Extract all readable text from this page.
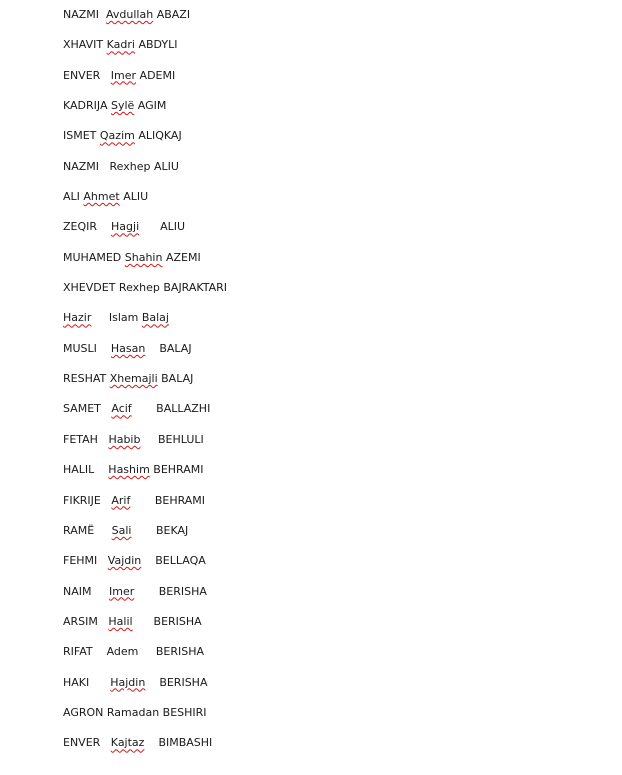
NAZMI  Avdullah ABAZI
XHAVIT Kadri ABDYLI
ENVER   Imer ADEMI
KADRIJA Sylë AGIM
ISMET Qazim ALIQKAJ
NAZMI   Rexhep ALIU
ALI Ahmet ALIU
ZEQIR    Hagji      ALIU
MUHAMED Shahin AZEMI
XHEVDET Rexhep BAJRAKTARI
Hazir     Islam Balaj
MUSLI    Hasan    BALAJ
RESHAT Xhemajli BALAJ
SAMET   Acif       BALLAZHI
FETAH   Habib     BEHLULI
HALIL    Hashim BEHRAMI
FIKRIJE   Arif       BEHRAMI
RAMË     Sali       BEKAJ
FEHMI   Vajdin    BELLAQA
NAIM     Imer       BERISHA
ARSIM   Halil      BERISHA
RIFAT    Adem     BERISHA
HAKI      Hajdin    BERISHA
AGRON Ramadan BESHIRI
ENVER   Kajtaz    BIMBASHI
